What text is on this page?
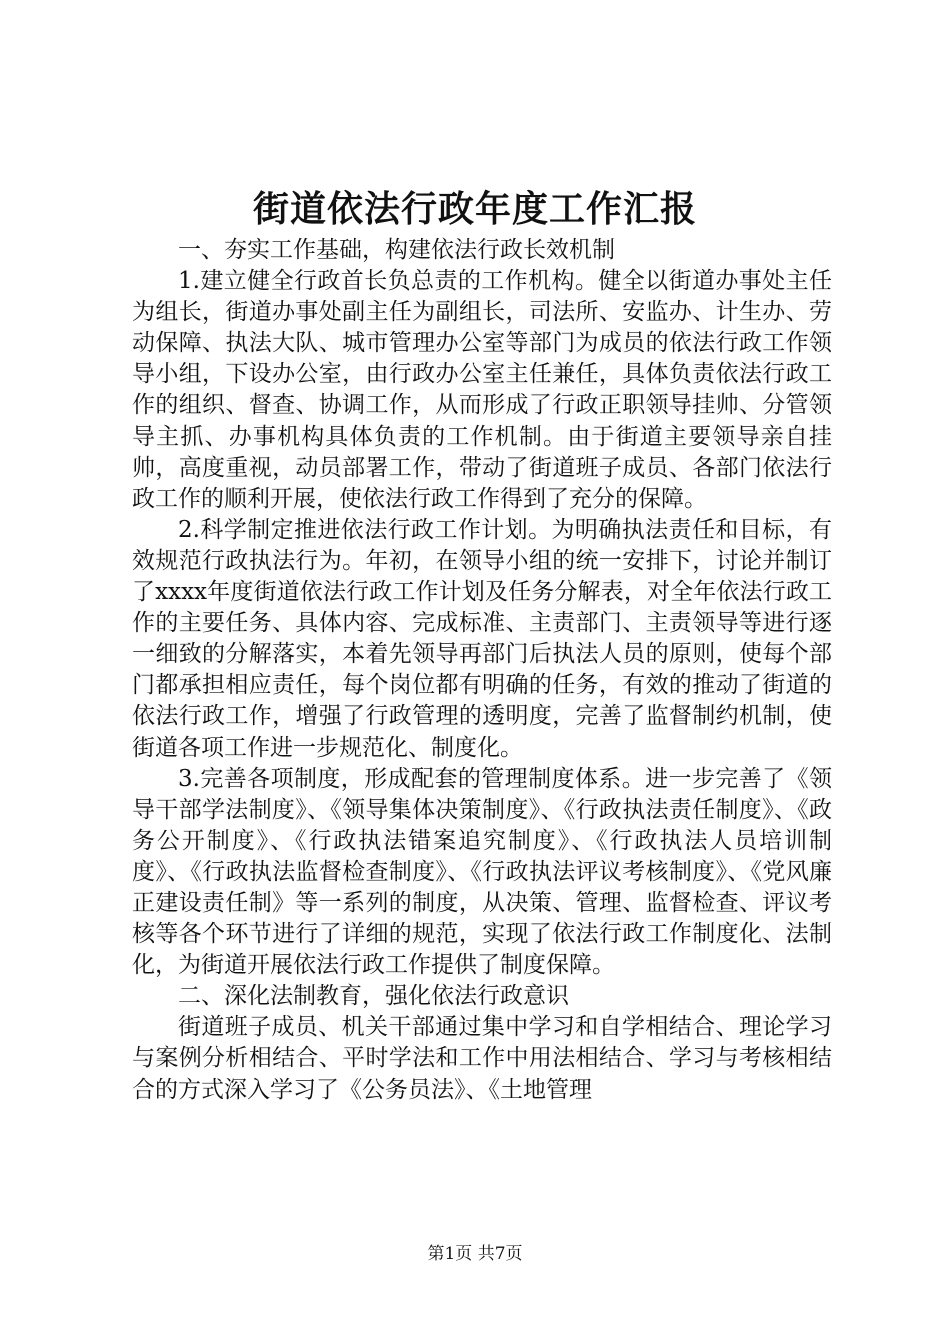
街道依法行政年度工作汇报

一、夯实工作基础，构建依法行政长效机制

1.建立健全行政首长负总责的工作机构。健全以街道办事处主任为组长，街道办事处副主任为副组长，司法所、安监办、计生办、劳动保障、执法大队、城市管理办公室等部门为成员的依法行政工作领导小组，下设办公室，由行政办公室主任兼任，具体负责依法行政工作的组织、督查、协调工作，从而形成了行政正职领导挂帅、分管领导主抓、办事机构具体负责的工作机制。由于街道主要领导亲自挂帅，高度重视，动员部署工作，带动了街道班子成员、各部门依法行政工作的顺利开展，使依法行政工作得到了充分的保障。

2.科学制定推进依法行政工作计划。为明确执法责任和目标，有效规范行政执法行为。年初，在领导小组的统一安排下，讨论并制订了xxxx年度街道依法行政工作计划及任务分解表，对全年依法行政工作的主要任务、具体内容、完成标准、主责部门、主责领导等进行逐一细致的分解落实，本着先领导再部门后执法人员的原则，使每个部门都承担相应责任，每个岗位都有明确的任务，有效的推动了街道的依法行政工作，增强了行政管理的透明度，完善了监督制约机制，使街道各项工作进一步规范化、制度化。

3.完善各项制度，形成配套的管理制度体系。进一步完善了《领导干部学法制度》、《领导集体决策制度》、《行政执法责任制度》、《政务公开制度》、《行政执法错案追究制度》、《行政执法人员培训制度》、《行政执法监督检查制度》、《行政执法评议考核制度》、《党风廉正建设责任制》等一系列的制度，从决策、管理、监督检查、评议考核等各个环节进行了详细的规范，实现了依法行政工作制度化、法制化，为街道开展依法行政工作提供了制度保障。

二、深化法制教育，强化依法行政意识

街道班子成员、机关干部通过集中学习和自学相结合、理论学习与案例分析相结合、平时学法和工作中用法相结合、学习与考核相结合的方式深入学习了《公务员法》、《土地管理

第1页 共7页
